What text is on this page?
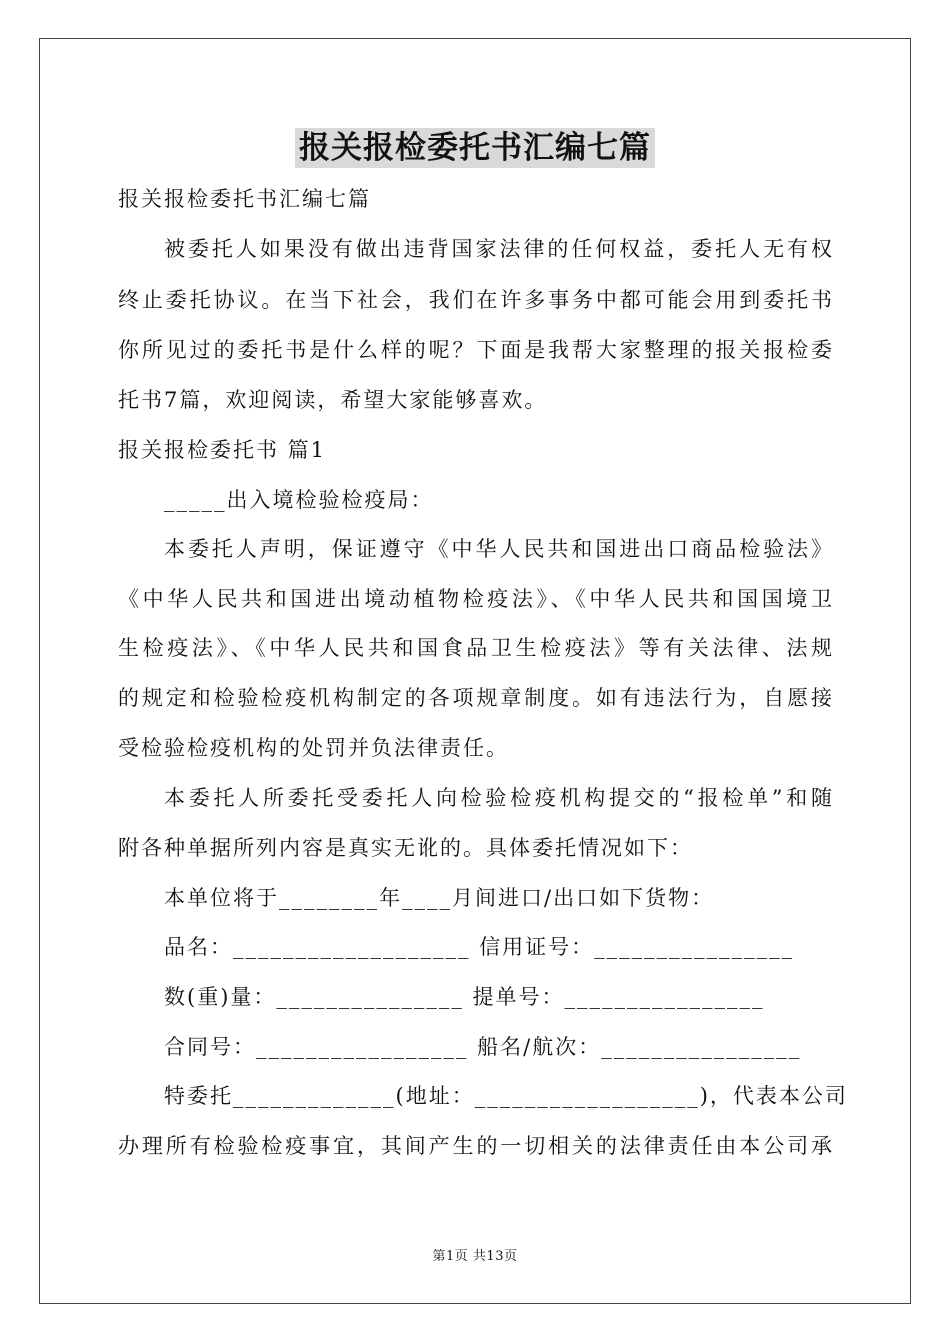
报关报检委托书汇编七篇
报关报检委托书汇编七篇
被委托人如果没有做出违背国家法律的任何权益，委托人无有权
终止委托协议。在当下社会，我们在许多事务中都可能会用到委托书
你所见过的委托书是什么样的呢？下面是我帮大家整理的报关报检委
托书7篇，欢迎阅读，希望大家能够喜欢。
报关报检委托书 篇1
_____出入境检验检疫局：
本委托人声明，保证遵守《中华人民共和国进出口商品检验法》
《中华人民共和国进出境动植物检疫法》、《中华人民共和国国境卫
生检疫法》、《中华人民共和国食品卫生检疫法》等有关法律、法规
的规定和检验检疫机构制定的各项规章制度。如有违法行为，自愿接
受检验检疫机构的处罚并负法律责任。
本委托人所委托受委托人向检验检疫机构提交的“报检单”和随
附各种单据所列内容是真实无讹的。具体委托情况如下：
本单位将于________年____月间进口/出口如下货物：
品名：___________________ 信用证号：________________
数(重)量：_______________ 提单号：________________
合同号：_________________ 船名/航次：________________
特委托_____________(地址：__________________)，代表本公司
办理所有检验检疫事宜，其间产生的一切相关的法律责任由本公司承
第1页 共13页
